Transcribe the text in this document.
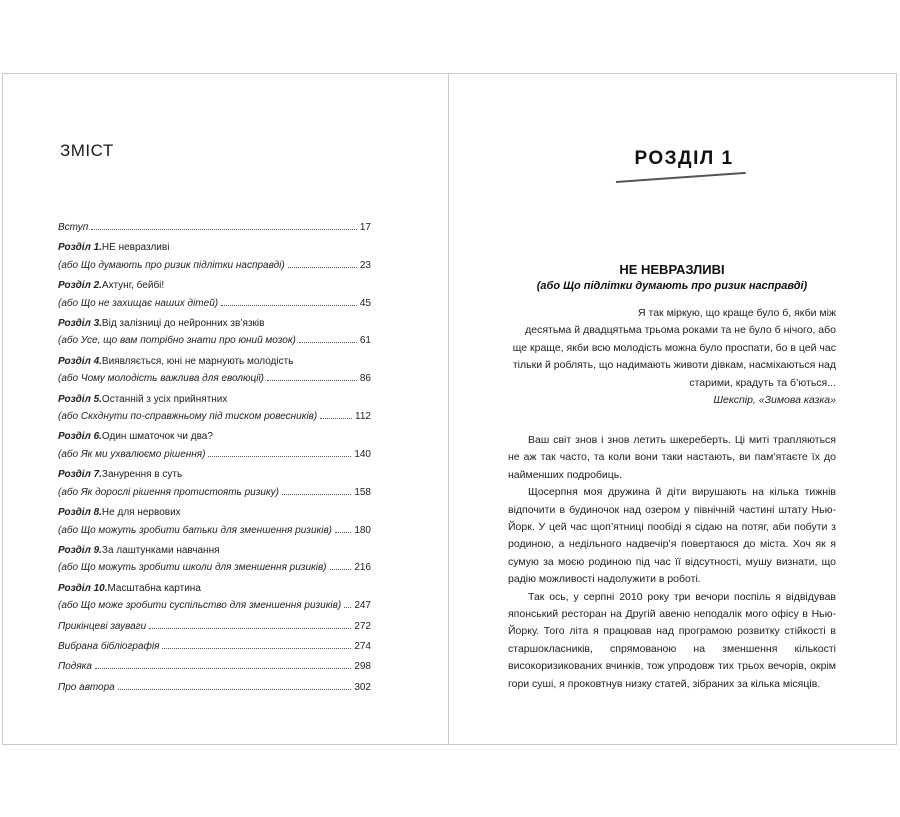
ЗМІСТ
Вступ	17
Розділ 1. НЕ невразливі
(або Що думають про ризик підлітки насправді)	23
Розділ 2. Ахтунг, бейбі!
(або Що не захищає наших дітей)	45
Розділ 3. Від залізниці до нейронних зв’язків
(або Усе, що вам потрібно знати про юний мозок)	61
Розділ 4. Виявляється, юні не марнують молодість
(або Чому молодість важлива для еволюції)	86
Розділ 5. Останній з усіх прийнятних
(або Скхднути по-справжньому під тиском ровесників)	112
Розділ 6. Один шматочок чи два?
(або Як ми ухвалюємо рішення)	140
Розділ 7. Занурення в суть
(або Як дорослі рішення протистоять ризику)	158
Розділ 8. Не для нервових
(або Що можуть зробити батьки для зменшення ризиків) 180
Розділ 9. За лаштунками навчання
(або Що можуть зробити школи для зменшення ризиків)	216
Розділ 10. Масштабна картина
(або Що може зробити суспільство для зменшення ризиків) 247
Прикінцеві зауваги	272
Вибрана бібліографія	274
Подяка	298
Про автора	302
РОЗДІЛ 1
НЕ НЕВРАЗЛИВІ
(або Що підлітки думають про ризик насправді)
Я так міркую, що краще було б, якби між
десятьма й двадцятьма трьома роками та не було б нічого, або
ще краще, якби всю молодість можна було проспати, бо в цей час
тільки й роблять, що надимають животи дівкам, насміхаються над
старими, крадуть та б’ються...
Шекспір, «Зимова казка»

Ваш світ знов і знов летить шкереберть. Ці миті трапляються не аж так часто, та коли вони таки настають, ви пам’ятаєте їх до найменших подробиць.

Щосерпня моя дружина й діти вирушають на кілька тижнів відпочити в будиночок над озером у північній частині штату Нью-Йорк. У цей час щоп’ятниці пообіді я сідаю на потяг, аби побути з родиною, а недільного надвечір’я повертаюся до міста. Хоч як я сумую за моєю родиною під час її відсутності, мушу визнати, що радію можливості надолужити в роботі.

Так ось, у серпні 2010 року три вечори поспіль я відвідував японський ресторан на Другій авеню неподалік мого офісу в Нью-Йорку. Того літа я працював над програмою розвитку стійкості в старшокласників, спрямованою на зменшення кількості високоризикованих вчинків, тож упродовж тих трьох вечорів, окрім гори суші, я проковтнув низку статей, зібраних за кілька місяців.
